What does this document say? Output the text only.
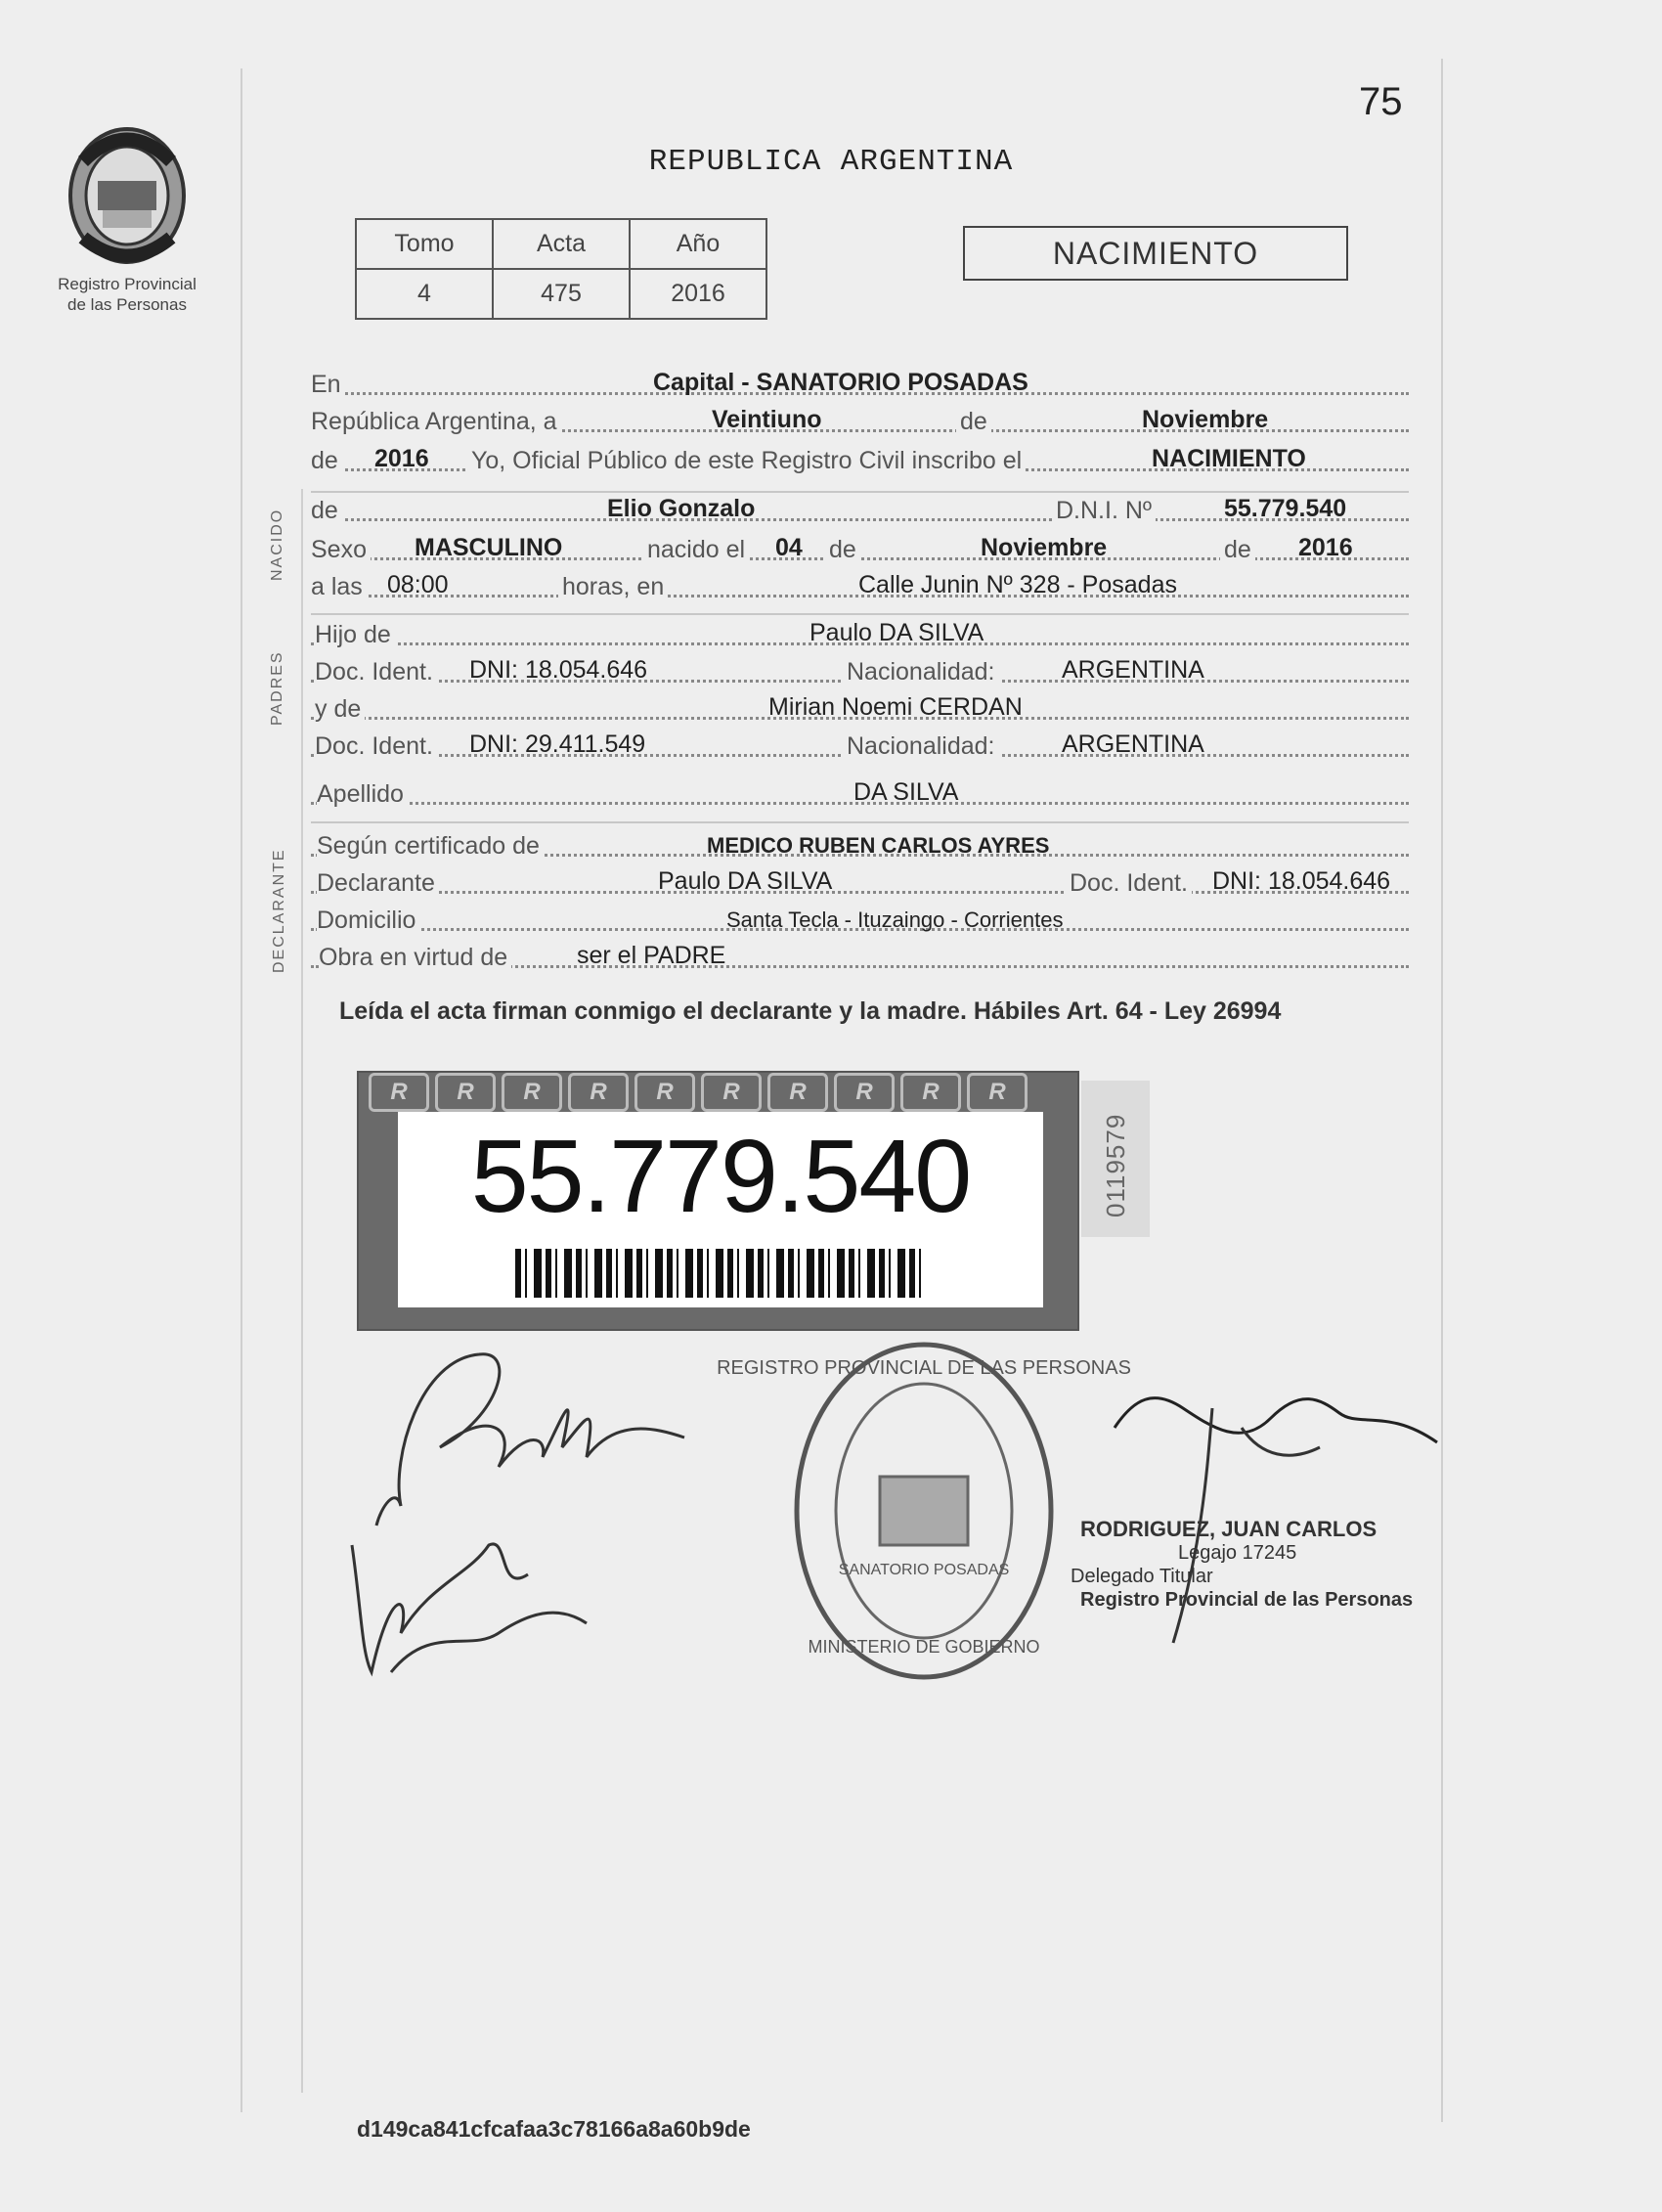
Registro Provincial
de las Personas
75
REPUBLICA ARGENTINA
Tomo	Acta	Año
4	475	2016
NACIMIENTO
En	Capital - SANATORIO POSADAS
República Argentina, a	Veintiuno	de	Noviembre
de 2016 Yo, Oficial Público de este Registro Civil inscribo el	NACIMIENTO
NACIDO de	Elio Gonzalo	D.N.I. Nº	55.779.540
Sexo MASCULINO	nacido el 04 de	Noviembre	de 2016
a las 08:00	horas, en	Calle Junin Nº 328 - Posadas
PADRES
Hijo de	Paulo DA SILVA
Doc. Ident. DNI: 18.054.646	Nacionalidad:	ARGENTINA
y de	Mirian Noemi CERDAN
Doc. Ident. DNI: 29.411.549	Nacionalidad:	ARGENTINA
Apellido	DA SILVA
DECLARANTE
Según certificado de	MEDICO RUBEN CARLOS AYRES
Declarante	Paulo DA SILVA	Doc. Ident. DNI: 18.054.646
Domicilio	Santa Tecla - Ituzaingo - Corrientes
Obra en virtud de	ser el PADRE
Leída el acta firman conmigo el declarante y la madre. Hábiles Art. 64 - Ley 26994
R	R	R	R	R	R	R	R	R	R
55.779.540	0119579
REGISTRO PROVINCIAL DE LAS PERSONAS
SANATORIO POSADAS
MINISTERIO DE GOBIERNO
RODRIGUEZ, JUAN CARLOS
Legajo 17245
Delegado Titular
Registro Provincial de las Personas
d149ca841cfcafaa3c78166a8a60b9de
